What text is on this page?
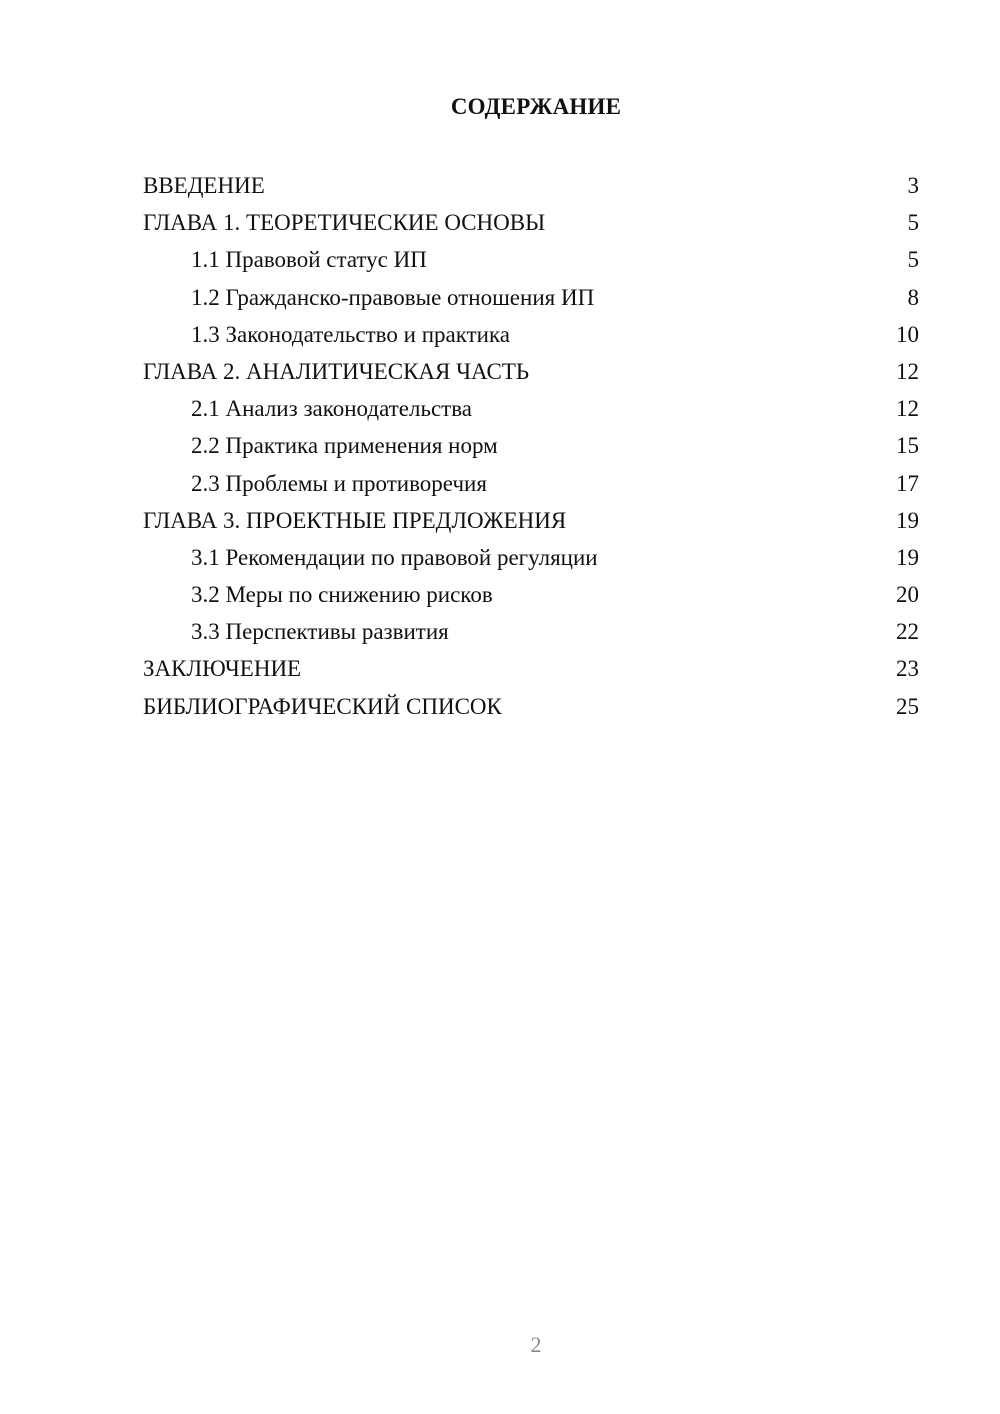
СОДЕРЖАНИЕ
ВВЕДЕНИЕ	3
ГЛАВА 1. ТЕОРЕТИЧЕСКИЕ ОСНОВЫ	5
1.1 Правовой статус ИП	5
1.2 Гражданско-правовые отношения ИП	8
1.3 Законодательство и практика	10
ГЛАВА 2. АНАЛИТИЧЕСКАЯ ЧАСТЬ	12
2.1 Анализ законодательства	12
2.2 Практика применения норм	15
2.3 Проблемы и противоречия	17
ГЛАВА 3. ПРОЕКТНЫЕ ПРЕДЛОЖЕНИЯ	19
3.1 Рекомендации по правовой регуляции	19
3.2 Меры по снижению рисков	20
3.3 Перспективы развития	22
ЗАКЛЮЧЕНИЕ	23
БИБЛИОГРАФИЧЕСКИЙ СПИСОК	25
2
